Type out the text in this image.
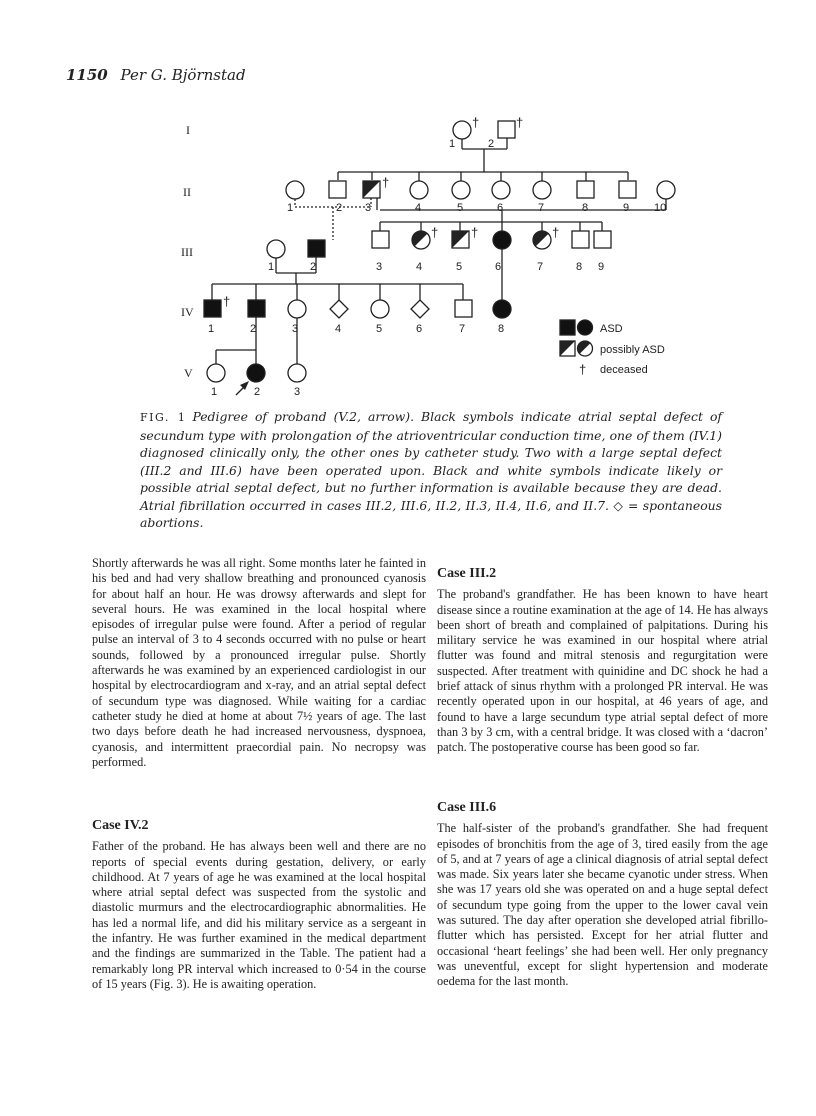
1150 Per G. Björnstad
I
II
III
IV
V
†	†
1	2
†
1	2 3	4	5	6	7	8	9 10
†	†	†
1	2	3	4	5	6	7	8 9
†
1	2	3	4	5	6	7	8
1	2	3
ASD
possibly ASD
† deceased
FIG. 1 Pedigree of proband (V.2, arrow). Black symbols indicate atrial septal defect of secundum type with prolongation of the atrioventricular conduction time, one of them (IV.1) diagnosed clinically only, the other ones by catheter study. Two with a large septal defect (III.2 and III.6) have been operated upon. Black and white symbols indicate likely or possible atrial septal defect, but no further information is available because they are dead. Atrial fibrillation occurred in cases III.2, III.6, II.2, II.3, II.4, II.6, and II.7. ◇ = spontaneous abortions.

Shortly afterwards he was all right. Some months later he fainted in his bed and had very shallow breathing and pronounced cyanosis for about half an hour. He was drowsy afterwards and slept for several hours. He was examined in the local hospital where episodes of irregular pulse were found. After a period of regular pulse an interval of 3 to 4 seconds occurred with no pulse or heart sounds, followed by a pronounced irregular pulse. Shortly afterwards he was examined by an experienced cardiologist in our hospital by electrocardiogram and x-ray, and an atrial septal defect of secundum type was diagnosed. While waiting for a cardiac catheter study he died at home at about 7½ years of age. The last two days before death he had increased nervousness, dyspnoea, cyanosis, and intermittent praecordial pain. No necropsy was performed.

Case IV.2

Father of the proband. He has always been well and there are no reports of special events during gestation, delivery, or early childhood. At 7 years of age he was examined at the local hospital where atrial septal defect was suspected from the systolic and diastolic murmurs and the electrocardiographic abnormalities. He has led a normal life, and did his military service as a sergeant in the infantry. He was further examined in the medical department and the findings are summarized in the Table. The patient had a remarkably long PR interval which increased to 0·54 in the course of 15 years (Fig. 3). He is awaiting operation.

Case III.2

The proband's grandfather. He has been known to have heart disease since a routine examination at the age of 14. He has always been short of breath and complained of palpitations. During his military service he was examined in our hospital where atrial flutter was found and mitral stenosis and regurgitation were suspected. After treatment with quinidine and DC shock he had a brief attack of sinus rhythm with a prolonged PR interval. He was recently operated upon in our hospital, at 46 years of age, and found to have a large secundum type atrial septal defect of more than 3 by 3 cm, with a central bridge. It was closed with a ‘dacron’ patch. The postoperative course has been good so far.

Case III.6

The half-sister of the proband's grandfather. She had frequent episodes of bronchitis from the age of 3, tired easily from the age of 5, and at 7 years of age a clinical diagnosis of atrial septal defect was made. Six years later she became cyanotic under stress. When she was 17 years old she was operated on and a huge septal defect of secundum type going from the upper to the lower caval vein was sutured. The day after operation she developed atrial fibrillo-flutter which has persisted. Except for her atrial flutter and occasional ‘heart feelings’ she had been well. Her only pregnancy was uneventful, except for slight hypertension and moderate oedema for the last month.
